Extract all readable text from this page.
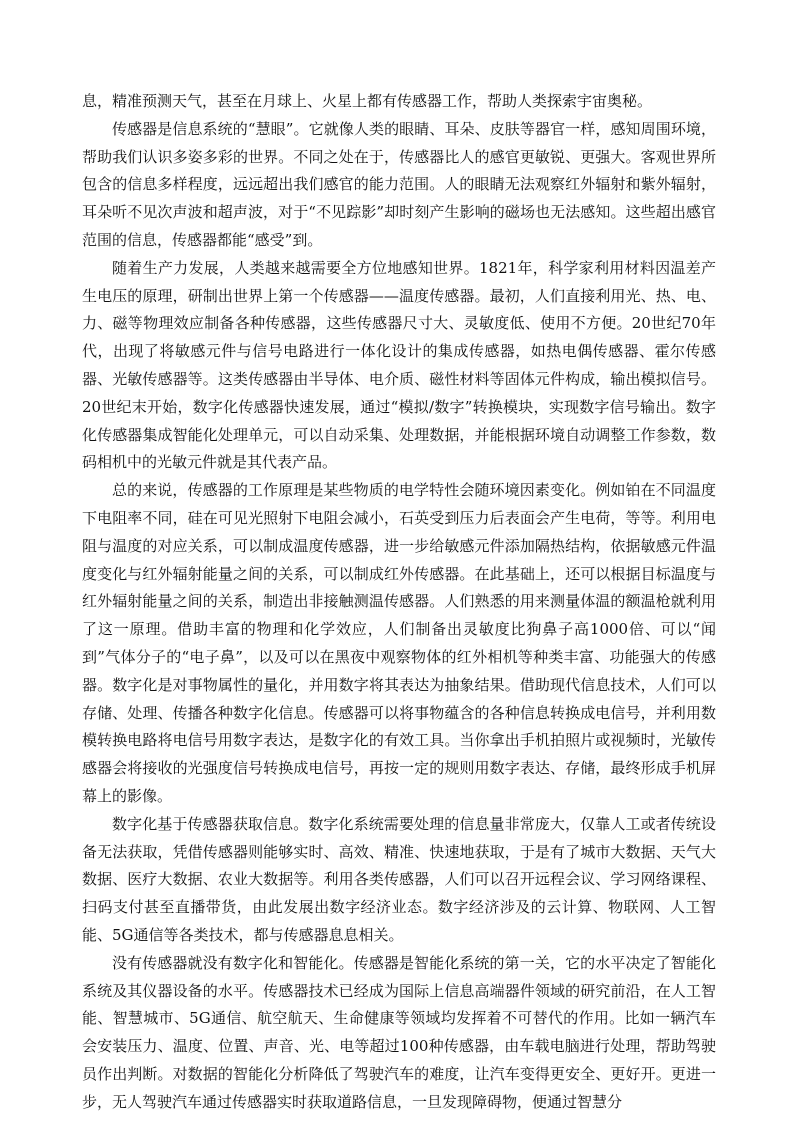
息，精准预测天气，甚至在月球上、火星上都有传感器工作，帮助人类探索宇宙奥秘。

传感器是信息系统的“慧眼”。它就像人类的眼睛、耳朵、皮肤等器官一样，感知周围环境，帮助我们认识多姿多彩的世界。不同之处在于，传感器比人的感官更敏锐、更强大。客观世界所包含的信息多样程度，远远超出我们感官的能力范围。人的眼睛无法观察红外辐射和紫外辐射，耳朵听不见次声波和超声波，对于“不见踪影”却时刻产生影响的磁场也无法感知。这些超出感官范围的信息，传感器都能“感受”到。

随着生产力发展，人类越来越需要全方位地感知世界。1821年，科学家利用材料因温差产生电压的原理，研制出世界上第一个传感器——温度传感器。最初，人们直接利用光、热、电、力、磁等物理效应制备各种传感器，这些传感器尺寸大、灵敏度低、使用不方便。20世纪70年代，出现了将敏感元件与信号电路进行一体化设计的集成传感器，如热电偶传感器、霍尔传感器、光敏传感器等。这类传感器由半导体、电介质、磁性材料等固体元件构成，输出模拟信号。20世纪末开始，数字化传感器快速发展，通过“模拟/数字”转换模块，实现数字信号输出。数字化传感器集成智能化处理单元，可以自动采集、处理数据，并能根据环境自动调整工作参数，数码相机中的光敏元件就是其代表产品。

总的来说，传感器的工作原理是某些物质的电学特性会随环境因素变化。例如铂在不同温度下电阻率不同，硅在可见光照射下电阻会减小，石英受到压力后表面会产生电荷，等等。利用电阻与温度的对应关系，可以制成温度传感器，进一步给敏感元件添加隔热结构，依据敏感元件温度变化与红外辐射能量之间的关系，可以制成红外传感器。在此基础上，还可以根据目标温度与红外辐射能量之间的关系，制造出非接触测温传感器。人们熟悉的用来测量体温的额温枪就利用了这一原理。借助丰富的物理和化学效应，人们制备出灵敏度比狗鼻子高1000倍、可以“闻到”气体分子的“电子鼻”，以及可以在黑夜中观察物体的红外相机等种类丰富、功能强大的传感器。数字化是对事物属性的量化，并用数字将其表达为抽象结果。借助现代信息技术，人们可以存储、处理、传播各种数字化信息。传感器可以将事物蕴含的各种信息转换成电信号，并利用数模转换电路将电信号用数字表达，是数字化的有效工具。当你拿出手机拍照片或视频时，光敏传感器会将接收的光强度信号转换成电信号，再按一定的规则用数字表达、存储，最终形成手机屏幕上的影像。

数字化基于传感器获取信息。数字化系统需要处理的信息量非常庞大，仅靠人工或者传统设备无法获取，凭借传感器则能够实时、高效、精准、快速地获取，于是有了城市大数据、天气大数据、医疗大数据、农业大数据等。利用各类传感器，人们可以召开远程会议、学习网络课程、扫码支付甚至直播带货，由此发展出数字经济业态。数字经济涉及的云计算、物联网、人工智能、5G通信等各类技术，都与传感器息息相关。

没有传感器就没有数字化和智能化。传感器是智能化系统的第一关，它的水平决定了智能化系统及其仪器设备的水平。传感器技术已经成为国际上信息高端器件领域的研究前沿，在人工智能、智慧城市、5G通信、航空航天、生命健康等领域均发挥着不可替代的作用。比如一辆汽车会安装压力、温度、位置、声音、光、电等超过100种传感器，由车载电脑进行处理，帮助驾驶员作出判断。对数据的智能化分析降低了驾驶汽车的难度，让汽车变得更安全、更好开。更进一步，无人驾驶汽车通过传感器实时获取道路信息，一旦发现障碍物，便通过智慧分
